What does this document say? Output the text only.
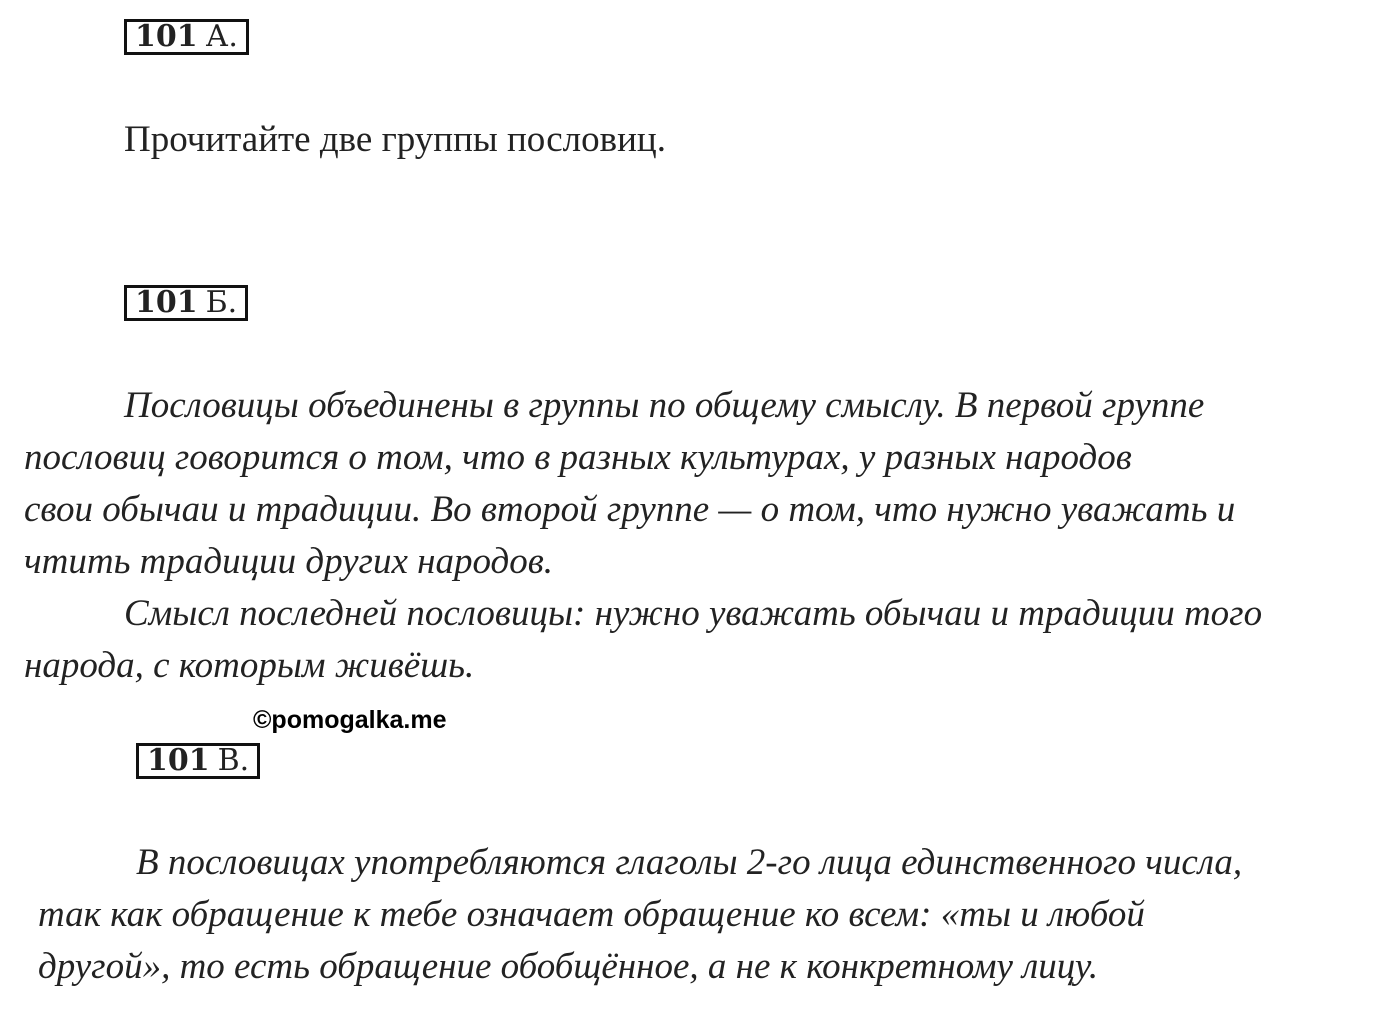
101 А.
Прочитайте две группы пословиц.
101 Б.
Пословицы объединены в группы по общему смыслу. В первой группе
пословиц говорится о том, что в разных культурах, у разных народов
свои обычаи и традиции. Во второй группе — о том, что нужно уважать и
чтить традиции других народов.
Смысл последней пословицы: нужно уважать обычаи и традиции того
народа, с которым живёшь.
©pomogalka.me
101 В.
В пословицах употребляются глаголы 2-го лица единственного числа,
так как обращение к тебе означает обращение ко всем: «ты и любой
другой», то есть обращение обобщённое, а не к конкретному лицу.
